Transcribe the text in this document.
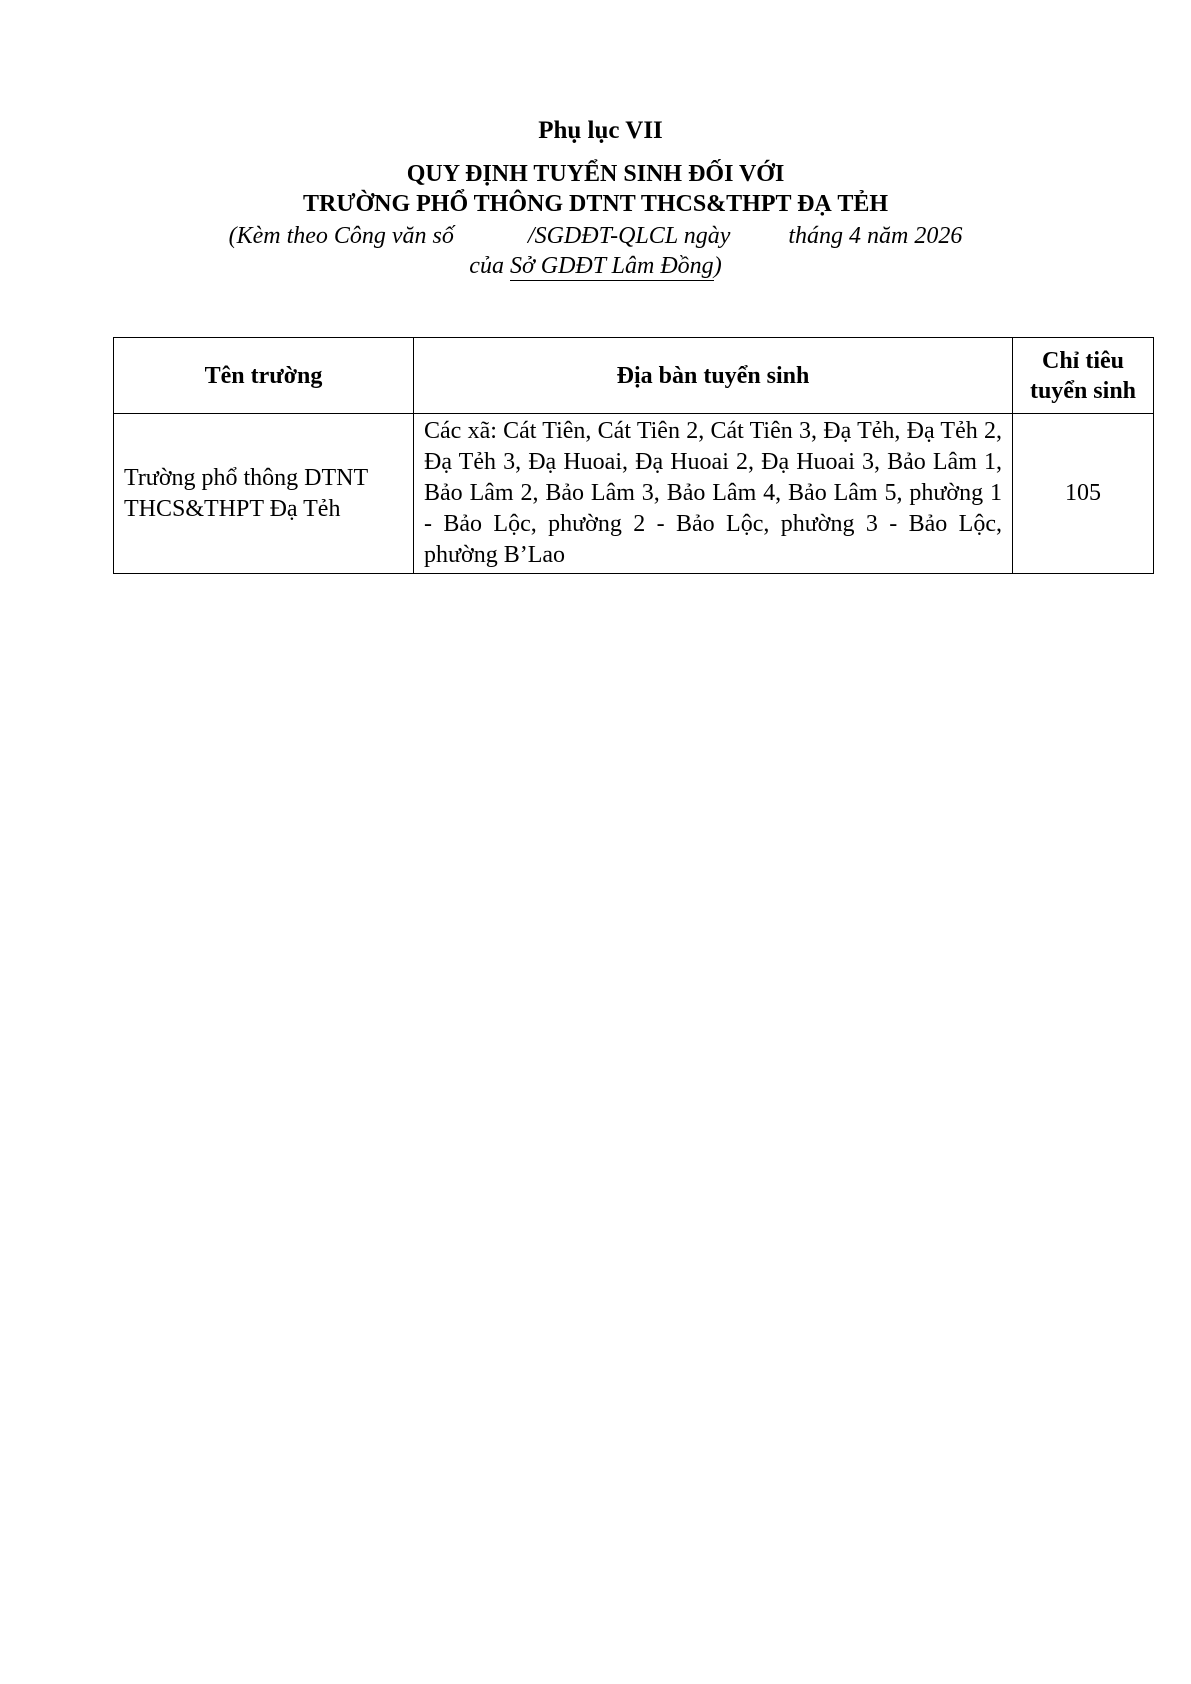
Phụ lục VII
QUY ĐỊNH TUYỂN SINH ĐỐI VỚI
TRƯỜNG PHỔ THÔNG DTNT THCS&THPT ĐẠ TẺH
(Kèm theo Công văn số	/SGDĐT-QLCL ngày tháng 4 năm 2026
của Sở GDĐT Lâm Đồng)
Tên trường	Địa bàn tuyển sinh	Chỉ tiêu
tuyển sinh

Trường phổ thông DTNT THCS&THPT Đạ Tẻh	Các xã: Cát Tiên, Cát Tiên 2, Cát Tiên 3, Đạ Tẻh, Đạ Tẻh 2, Đạ Tẻh 3, Đạ Huoai, Đạ Huoai 2, Đạ Huoai 3, Bảo Lâm 1, Bảo Lâm 2, Bảo Lâm 3, Bảo Lâm 4, Bảo Lâm 5, phường 1 - Bảo Lộc, phường 2 - Bảo Lộc, phường 3 - Bảo Lộc, phường B’Lao	105
